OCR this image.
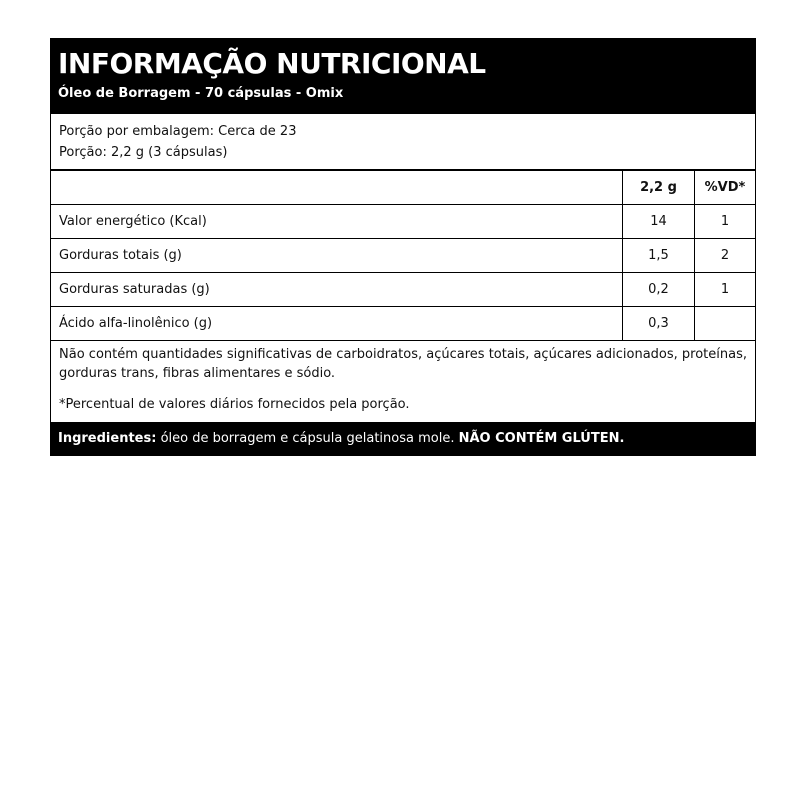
INFORMAÇÃO NUTRICIONAL
Óleo de Borragem - 70 cápsulas - Omix
Porção por embalagem: Cerca de 23
Porção: 2,2 g (3 cápsulas)
	2,2 g	%VD*
Valor energético (Kcal)	14	1
Gorduras totais (g)	1,5	2
Gorduras saturadas (g)	0,2	1
Ácido alfa-linolênico (g)	0,3	
Não contém quantidades significativas de carboidratos, açúcares totais, açúcares adicionados, proteínas, gorduras trans, fibras alimentares e sódio.
*Percentual de valores diários fornecidos pela porção.
Ingredientes: óleo de borragem e cápsula gelatinosa mole. NÃO CONTÉM GLÚTEN.
